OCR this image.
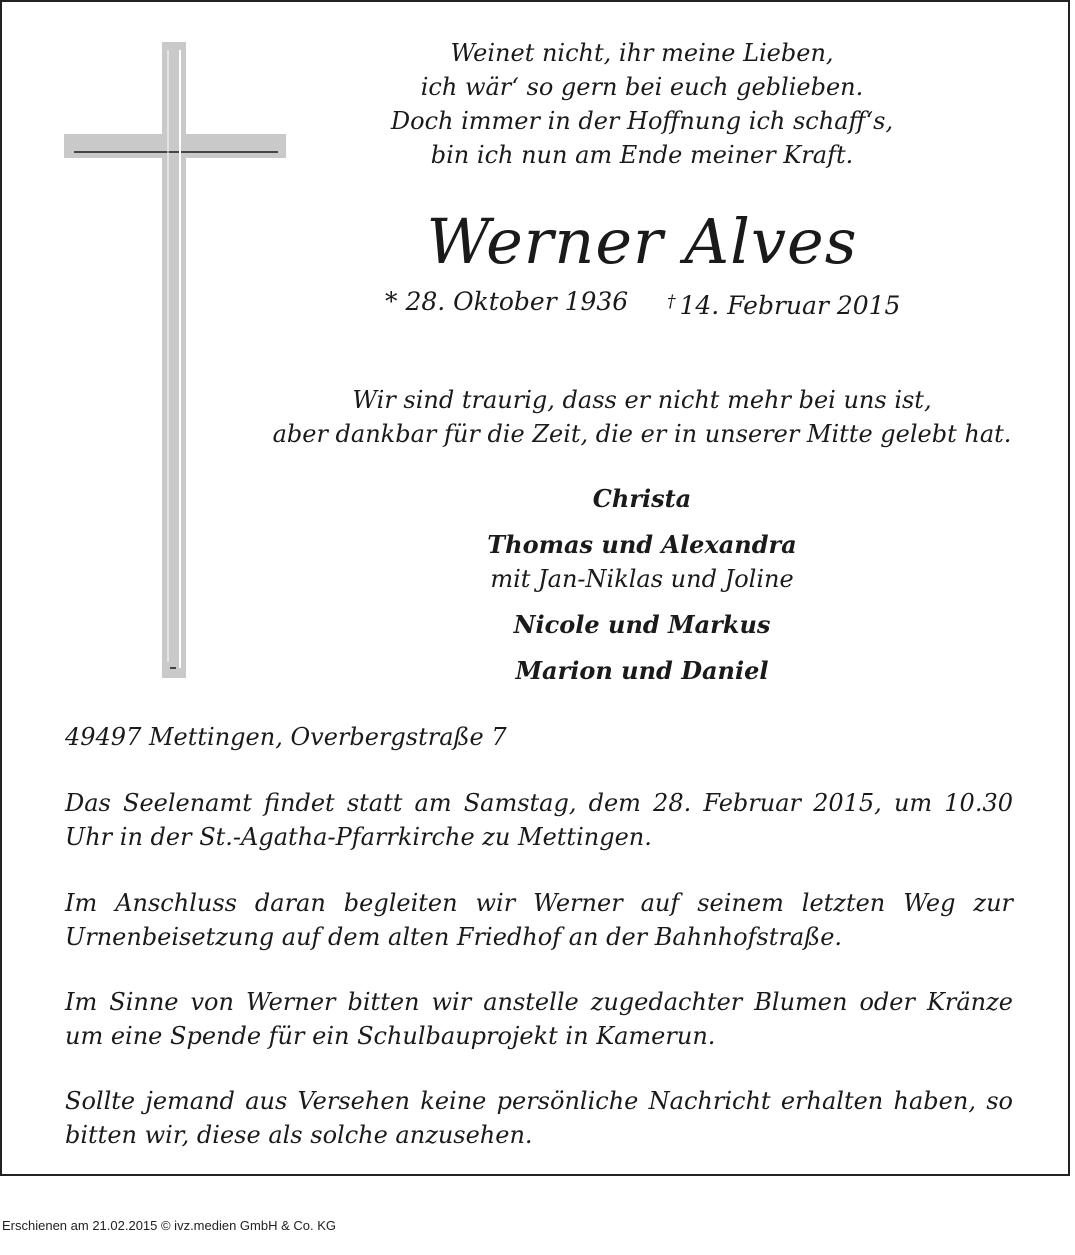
Weinet nicht, ihr meine Lieben,
ich wär‘ so gern bei euch geblieben.
Doch immer in der Hoffnung ich schaff‘s,
bin ich nun am Ende meiner Kraft.
Werner Alves
* 28. Oktober 1936 † 14. Februar 2015
Wir sind traurig, dass er nicht mehr bei uns ist,
aber dankbar für die Zeit, die er in unserer Mitte gelebt hat.
Christa
Thomas und Alexandra
mit Jan-Niklas und Joline
Nicole und Markus
Marion und Daniel
49497 Mettingen, Overbergstraße 7
Das Seelenamt findet statt am Samstag, dem 28. Februar 2015, um 10.30 Uhr in der St.-Agatha-Pfarrkirche zu Mettingen.
Im Anschluss daran begleiten wir Werner auf seinem letzten Weg zur Urnenbeisetzung auf dem alten Friedhof an der Bahnhofstraße.
Im Sinne von Werner bitten wir anstelle zugedachter Blumen oder Kränze um eine Spende für ein Schulbauprojekt in Kamerun.
Sollte jemand aus Versehen keine persönliche Nachricht erhalten haben, so bitten wir, diese als solche anzusehen.
Erschienen am 21.02.2015 © ivz.medien GmbH & Co. KG
